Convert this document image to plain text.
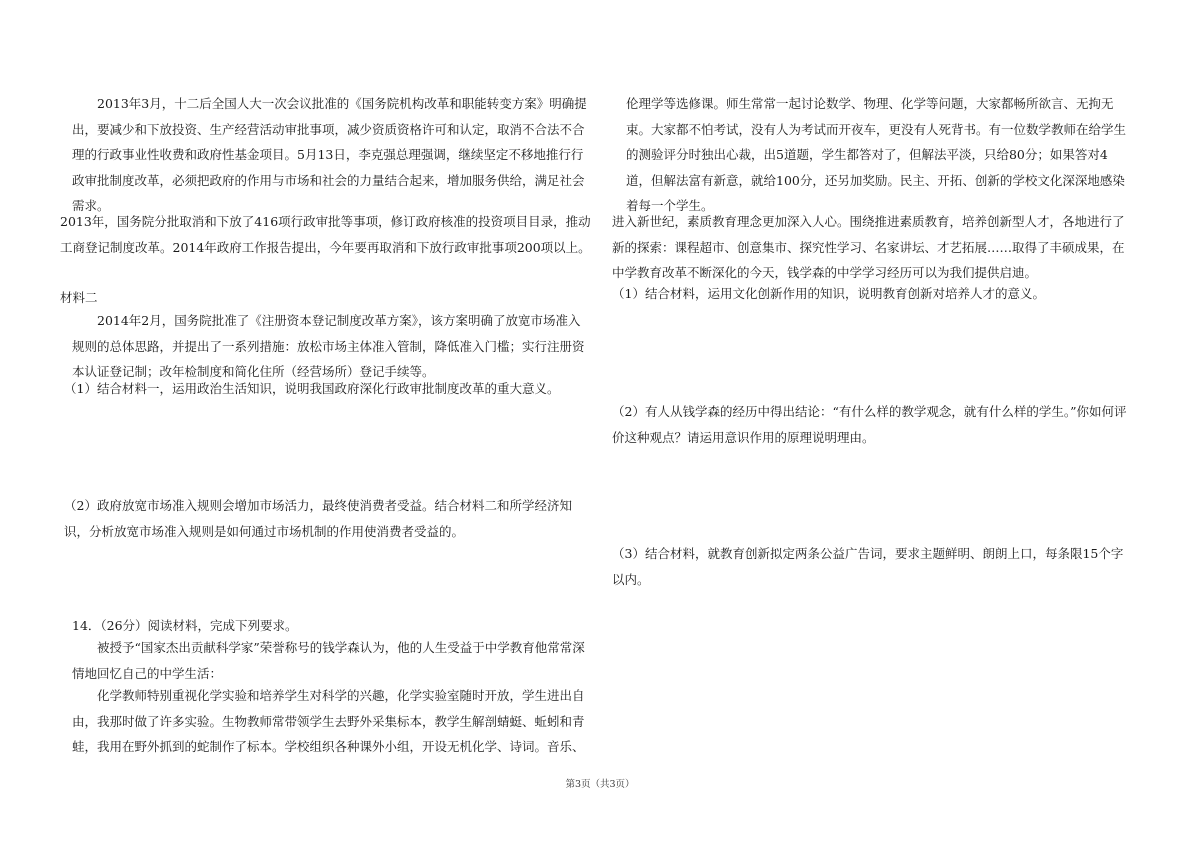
　　2013年3月，十二后全国人大一次会议批准的《国务院机构改革和职能转变方案》明确提出，要减少和下放投资、生产经营活动审批事项，减少资质资格许可和认定，取消不合法不合理的行政事业性收费和政府性基金项目。5月13日，李克强总理强调，继续坚定不移地推行行政审批制度改革，必须把政府的作用与市场和社会的力量结合起来，增加服务供给，满足社会需求。

2013年，国务院分批取消和下放了416项行政审批等事项，修订政府核准的投资项目目录，推动工商登记制度改革。2014年政府工作报告提出，今年要再取消和下放行政审批事项200项以上。

材料二

　　2014年2月，国务院批准了《注册资本登记制度改革方案》，该方案明确了放宽市场准入规则的总体思路，并提出了一系列措施：放松市场主体准入管制，降低准入门槛；实行注册资本认证登记制；改年检制度和简化住所（经营场所）登记手续等。

（1）结合材料一，运用政治生活知识，说明我国政府深化行政审批制度改革的重大意义。

（2）政府放宽市场准入规则会增加市场活力，最终使消费者受益。结合材料二和所学经济知识，分析放宽市场准入规则是如何通过市场机制的作用使消费者受益的。

14．（26分）阅读材料，完成下列要求。

　　被授予“国家杰出贡献科学家”荣誉称号的钱学森认为，他的人生受益于中学教育他常常深情地回忆自己的中学生活：

　　化学教师特别重视化学实验和培养学生对科学的兴趣，化学实验室随时开放，学生进出自由，我那时做了许多实验。生物教师常带领学生去野外采集标本，教学生解剖蜻蜓、蚯蚓和青蛙，我用在野外抓到的蛇制作了标本。学校组织各种课外小组，开设无机化学、诗词。音乐、

伦理学等选修课。师生常常一起讨论数学、物理、化学等问题，大家都畅所欲言、无拘无束。大家都不怕考试，没有人为考试而开夜车，更没有人死背书。有一位数学教师在给学生的测验评分时独出心裁，出5道题，学生都答对了，但解法平淡，只给80分；如果答对4道，但解法富有新意，就给100分，还另加奖励。民主、开拓、创新的学校文化深深地感染着每一个学生。

进入新世纪，素质教育理念更加深入人心。围绕推进素质教育，培养创新型人才，各地进行了新的探索：课程超市、创意集市、探究性学习、名家讲坛、才艺拓展……取得了丰硕成果，在中学教育改革不断深化的今天，钱学森的中学学习经历可以为我们提供启迪。

（1）结合材料，运用文化创新作用的知识，说明教育创新对培养人才的意义。

（2）有人从钱学森的经历中得出结论：“有什么样的教学观念，就有什么样的学生。”你如何评价这种观点？请运用意识作用的原理说明理由。

（3）结合材料，就教育创新拟定两条公益广告词，要求主题鲜明、朗朗上口，每条限15个字以内。

第3页（共3页）
